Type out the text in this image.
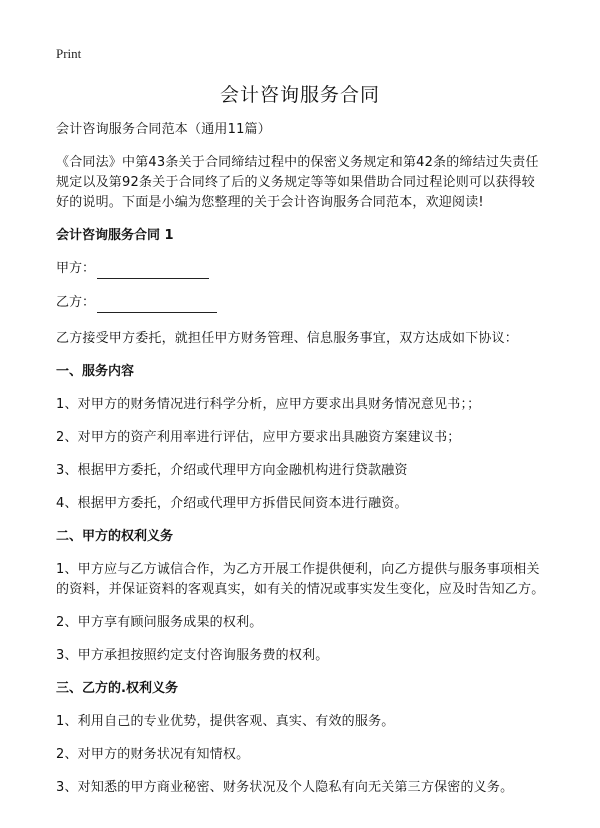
Print
会计咨询服务合同

会计咨询服务合同范本（通用11篇）

《合同法》中第43条关于合同缔结过程中的保密义务规定和第42条的缔结过失责任规定以及第92条关于合同终了后的义务规定等等如果借助合同过程论则可以获得较好的说明。下面是小编为您整理的关于会计咨询服务合同范本，欢迎阅读!

会计咨询服务合同 1

甲方：
乙方：

乙方接受甲方委托，就担任甲方财务管理、信息服务事宜，双方达成如下协议：

一、服务内容

1、对甲方的财务情况进行科学分析，应甲方要求出具财务情况意见书；；

2、对甲方的资产利用率进行评估，应甲方要求出具融资方案建议书；

3、根据甲方委托，介绍或代理甲方向金融机构进行贷款融资

4、根据甲方委托，介绍或代理甲方拆借民间资本进行融资。

二、甲方的权利义务

1、甲方应与乙方诚信合作，为乙方开展工作提供便利，向乙方提供与服务事项相关的资料，并保证资料的客观真实，如有关的情况或事实发生变化，应及时告知乙方。

2、甲方享有顾问服务成果的权利。

3、甲方承担按照约定支付咨询服务费的权利。

三、乙方的.权利义务

1、利用自己的专业优势，提供客观、真实、有效的服务。

2、对甲方的财务状况有知情权。

3、对知悉的甲方商业秘密、财务状况及个人隐私有向无关第三方保密的义务。
